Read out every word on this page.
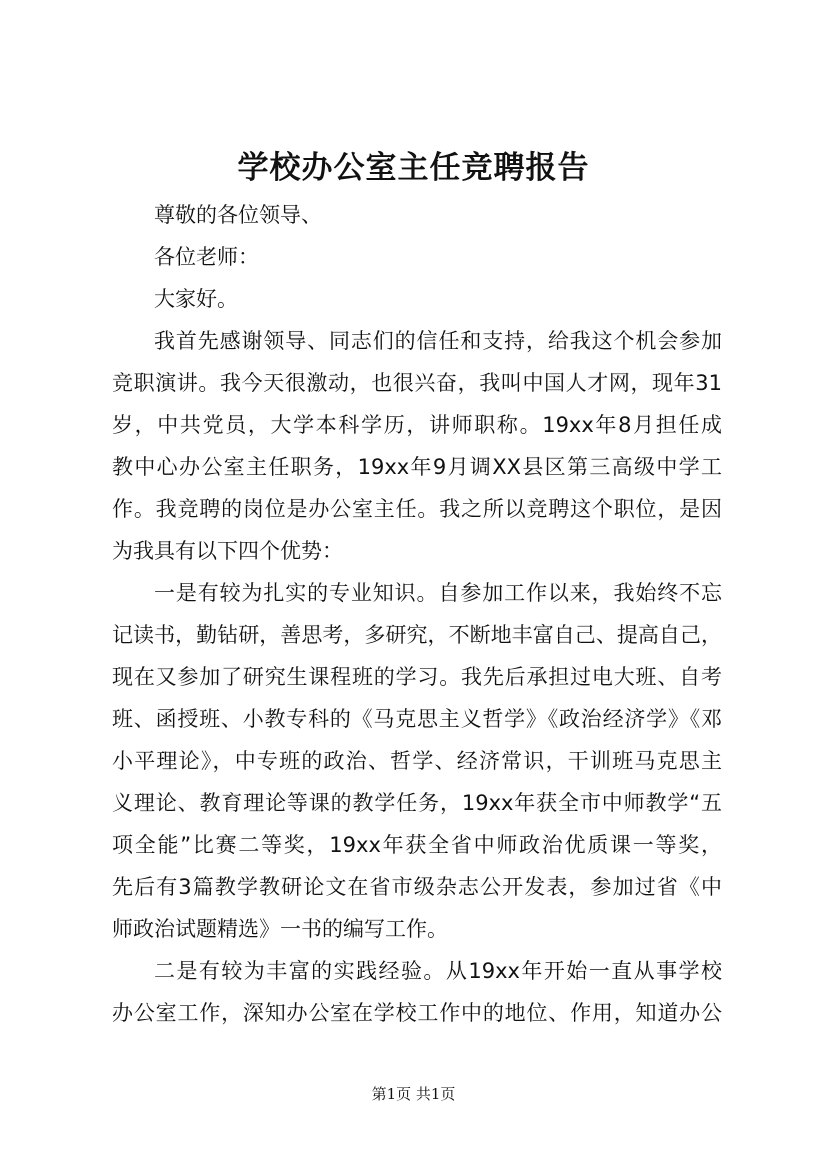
学校办公室主任竞聘报告
尊敬的各位领导、
各位老师：
大家好。
我首先感谢领导、同志们的信任和支持，给我这个机会参加
竞职演讲。我今天很激动，也很兴奋，我叫中国人才网，现年31
岁，中共党员，大学本科学历，讲师职称。19xx年8月担任成
教中心办公室主任职务，19xx年9月调XX县区第三高级中学工
作。我竞聘的岗位是办公室主任。我之所以竞聘这个职位，是因
为我具有以下四个优势：
一是有较为扎实的专业知识。自参加工作以来，我始终不忘
记读书，勤钻研，善思考，多研究，不断地丰富自己、提高自己，
现在又参加了研究生课程班的学习。我先后承担过电大班、自考
班、函授班、小教专科的《马克思主义哲学》《政治经济学》《邓
小平理论》，中专班的政治、哲学、经济常识，干训班马克思主
义理论、教育理论等课的教学任务，19xx年获全市中师教学“五
项全能”比赛二等奖，19xx年获全省中师政治优质课一等奖，
先后有3篇教学教研论文在省市级杂志公开发表，参加过省《中
师政治试题精选》一书的编写工作。
二是有较为丰富的实践经验。从19xx年开始一直从事学校
办公室工作，深知办公室在学校工作中的地位、作用，知道办公
第1页 共1页
